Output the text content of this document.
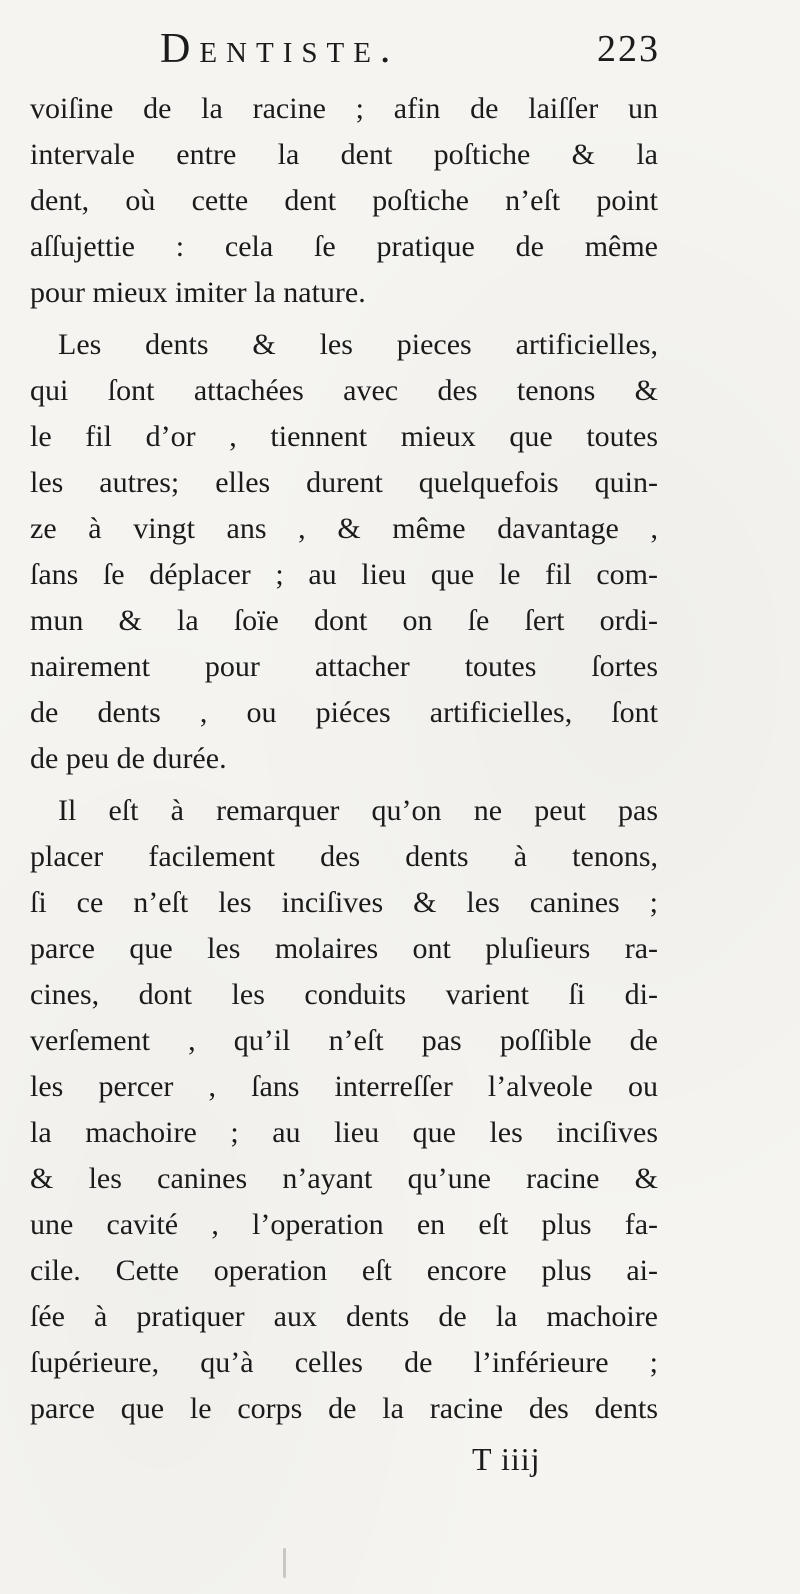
Dentiste.	223
voiſine de la racine ; afin de laiſſer un
intervale entre la dent poſtiche & la
dent, où cette dent poſtiche n’eſt point
aſſujettie : cela ſe pratique de même
pour mieux imiter la nature.
Les dents & les pieces artificielles,
qui ſont attachées avec des tenons &
le fil d’or , tiennent mieux que toutes
les autres; elles durent quelquefois quin-
ze à vingt ans , & même davantage ,
ſans ſe déplacer ; au lieu que le fil com-
mun & la ſoïe dont on ſe ſert ordi-
nairement pour attacher toutes ſortes
de dents , ou piéces artificielles, ſont
de peu de durée.
Il eſt à remarquer qu’on ne peut pas
placer facilement des dents à tenons,
ſi ce n’eſt les inciſives & les canines ;
parce que les molaires ont pluſieurs ra-
cines, dont les conduits varient ſi di-
verſement , qu’il n’eſt pas poſſible de
les percer , ſans interreſſer l’alveole ou
la machoire ; au lieu que les inciſives
& les canines n’ayant qu’une racine &
une cavité , l’operation en eſt plus fa-
cile. Cette operation eſt encore plus ai-
ſée à pratiquer aux dents de la machoire
ſupérieure, qu’à celles de l’inférieure ;
parce que le corps de la racine des dents
T iiij
